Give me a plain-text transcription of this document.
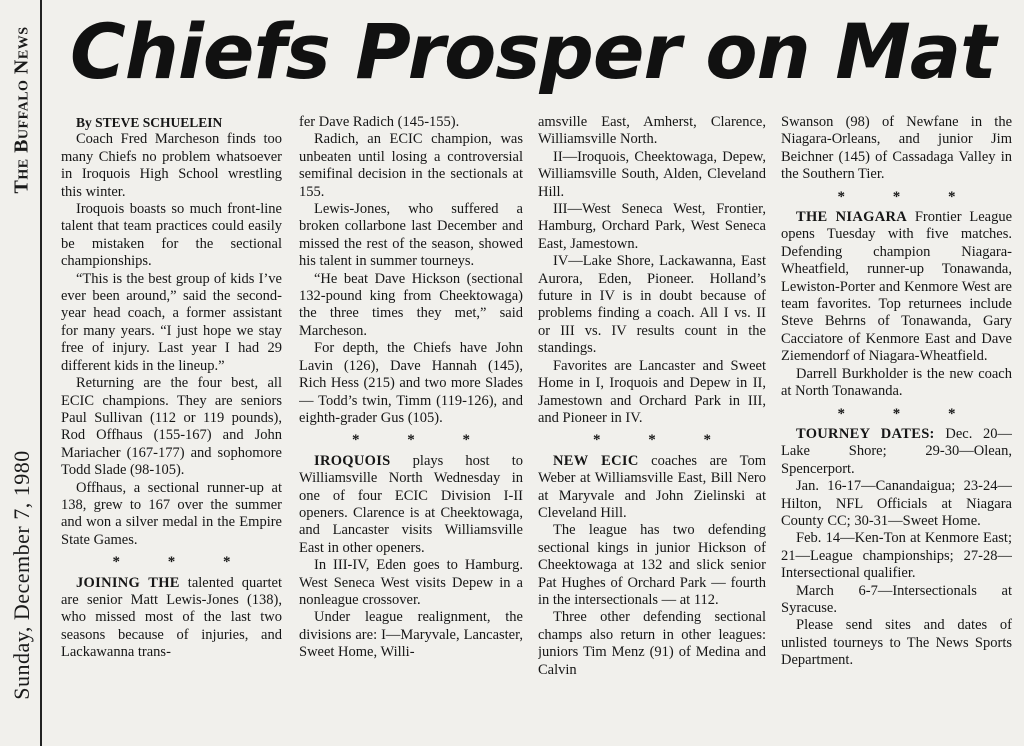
The Buffalo News
Sunday, December 7, 1980
Chiefs Prosper on Mat

By STEVE SCHUELEIN

Coach Fred Marcheson finds too many Chiefs no problem whatsoever in Iroquois High School wrestling this winter.

Iroquois boasts so much front-line talent that team practices could easily be mistaken for the sectional championships.

“This is the best group of kids I’ve ever been around,” said the second-year head coach, a former assistant for many years. “I just hope we stay free of injury. Last year I had 29 different kids in the lineup.”

Returning are the four best, all ECIC champions. They are seniors Paul Sullivan (112 or 119 pounds), Rod Offhaus (155-167) and John Mariacher (167-177) and sophomore Todd Slade (98-105).

Offhaus, a sectional runner-up at 138, grew to 167 over the summer and won a silver medal in the Empire State Games.

* * *

JOINING THE talented quartet are senior Matt Lewis-Jones (138), who missed most of the last two seasons because of injuries, and Lackawanna trans-

fer Dave Radich (145-155).

Radich, an ECIC champion, was unbeaten until losing a controversial semifinal decision in the sectionals at 155.

Lewis-Jones, who suffered a broken collarbone last December and missed the rest of the season, showed his talent in summer tourneys.

“He beat Dave Hickson (sectional 132-pound king from Cheektowaga) the three times they met,” said Marcheson.

For depth, the Chiefs have John Lavin (126), Dave Hannah (145), Rich Hess (215) and two more Slades — Todd’s twin, Timm (119-126), and eighth-grader Gus (105).

* * *

IROQUOIS plays host to Williamsville North Wednesday in one of four ECIC Division I-II openers. Clarence is at Cheektowaga, and Lancaster visits Williamsville East in other openers.

In III-IV, Eden goes to Hamburg. West Seneca West visits Depew in a nonleague crossover.

Under league realignment, the divisions are: I—Maryvale, Lancaster, Sweet Home, Willi-

amsville East, Amherst, Clarence, Williamsville North.

II—Iroquois, Cheektowaga, Depew, Williamsville South, Alden, Cleveland Hill.

III—West Seneca West, Frontier, Hamburg, Orchard Park, West Seneca East, Jamestown.

IV—Lake Shore, Lackawanna, East Aurora, Eden, Pioneer. Holland’s future in IV is in doubt because of problems finding a coach. All I vs. II or III vs. IV results count in the standings.

Favorites are Lancaster and Sweet Home in I, Iroquois and Depew in II, Jamestown and Orchard Park in III, and Pioneer in IV.

* * *

NEW ECIC coaches are Tom Weber at Williamsville East, Bill Nero at Maryvale and John Zielinski at Cleveland Hill.

The league has two defending sectional kings in junior Hickson of Cheektowaga at 132 and slick senior Pat Hughes of Orchard Park — fourth in the intersectionals — at 112.

Three other defending sectional champs also return in other leagues: juniors Tim Menz (91) of Medina and Calvin

Swanson (98) of Newfane in the Niagara-Orleans, and junior Jim Beichner (145) of Cassadaga Valley in the Southern Tier.

* * *

THE NIAGARA Frontier League opens Tuesday with five matches. Defending champion Niagara-Wheatfield, runner-up Tonawanda, Lewiston-Porter and Kenmore West are team favorites. Top returnees include Steve Behrns of Tonawanda, Gary Cacciatore of Kenmore East and Dave Ziemendorf of Niagara-Wheatfield.

Darrell Burkholder is the new coach at North Tonawanda.

* * *

TOURNEY DATES: Dec. 20—Lake Shore; 29-30—Olean, Spencerport.

Jan. 16-17—Canandaigua; 23-24—Hilton, NFL Officials at Niagara County CC; 30-31—Sweet Home.

Feb. 14—Ken-Ton at Kenmore East; 21—League championships; 27-28—Intersectional qualifier.

March 6-7—Intersectionals at Syracuse.

Please send sites and dates of unlisted tourneys to The News Sports Department.
